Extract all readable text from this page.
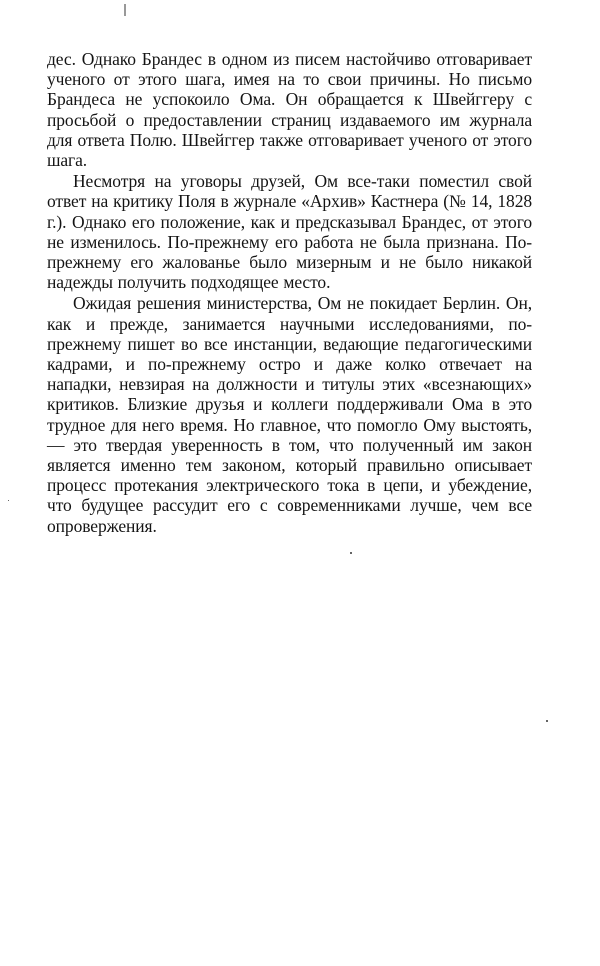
дес. Однако Брандес в одном из писем настойчиво отговаривает ученого от этого шага, имея на то свои причины. Но письмо Брандеса не успокоило Ома. Он обращается к Швейггеру с просьбой о предоставлении страниц издаваемого им журнала для ответа Полю. Швейггер также отговаривает ученого от этого шага.

Несмотря на уговоры друзей, Ом все-таки поместил свой ответ на критику Поля в журнале «Архив» Кастнера (№ 14, 1828 г.). Однако его положение, как и предсказывал Брандес, от этого не изменилось. По-прежнему его работа не была признана. По-прежнему его жалованье было мизерным и не было никакой надежды получить подходящее место.

Ожидая решения министерства, Ом не покидает Берлин. Он, как и прежде, занимается научными исследованиями, по-прежнему пишет во все инстанции, ведающие педагогическими кадрами, и по-прежнему остро и даже колко отвечает на нападки, невзирая на должности и титулы этих «всезнающих» критиков. Близкие друзья и коллеги поддерживали Ома в это трудное для него время. Но главное, что помогло Ому выстоять,— это твердая уверенность в том, что полученный им закон является именно тем законом, который правильно описывает процесс протекания электрического тока в цепи, и убеждение, что будущее рассудит его с современниками лучше, чем все опровержения.
